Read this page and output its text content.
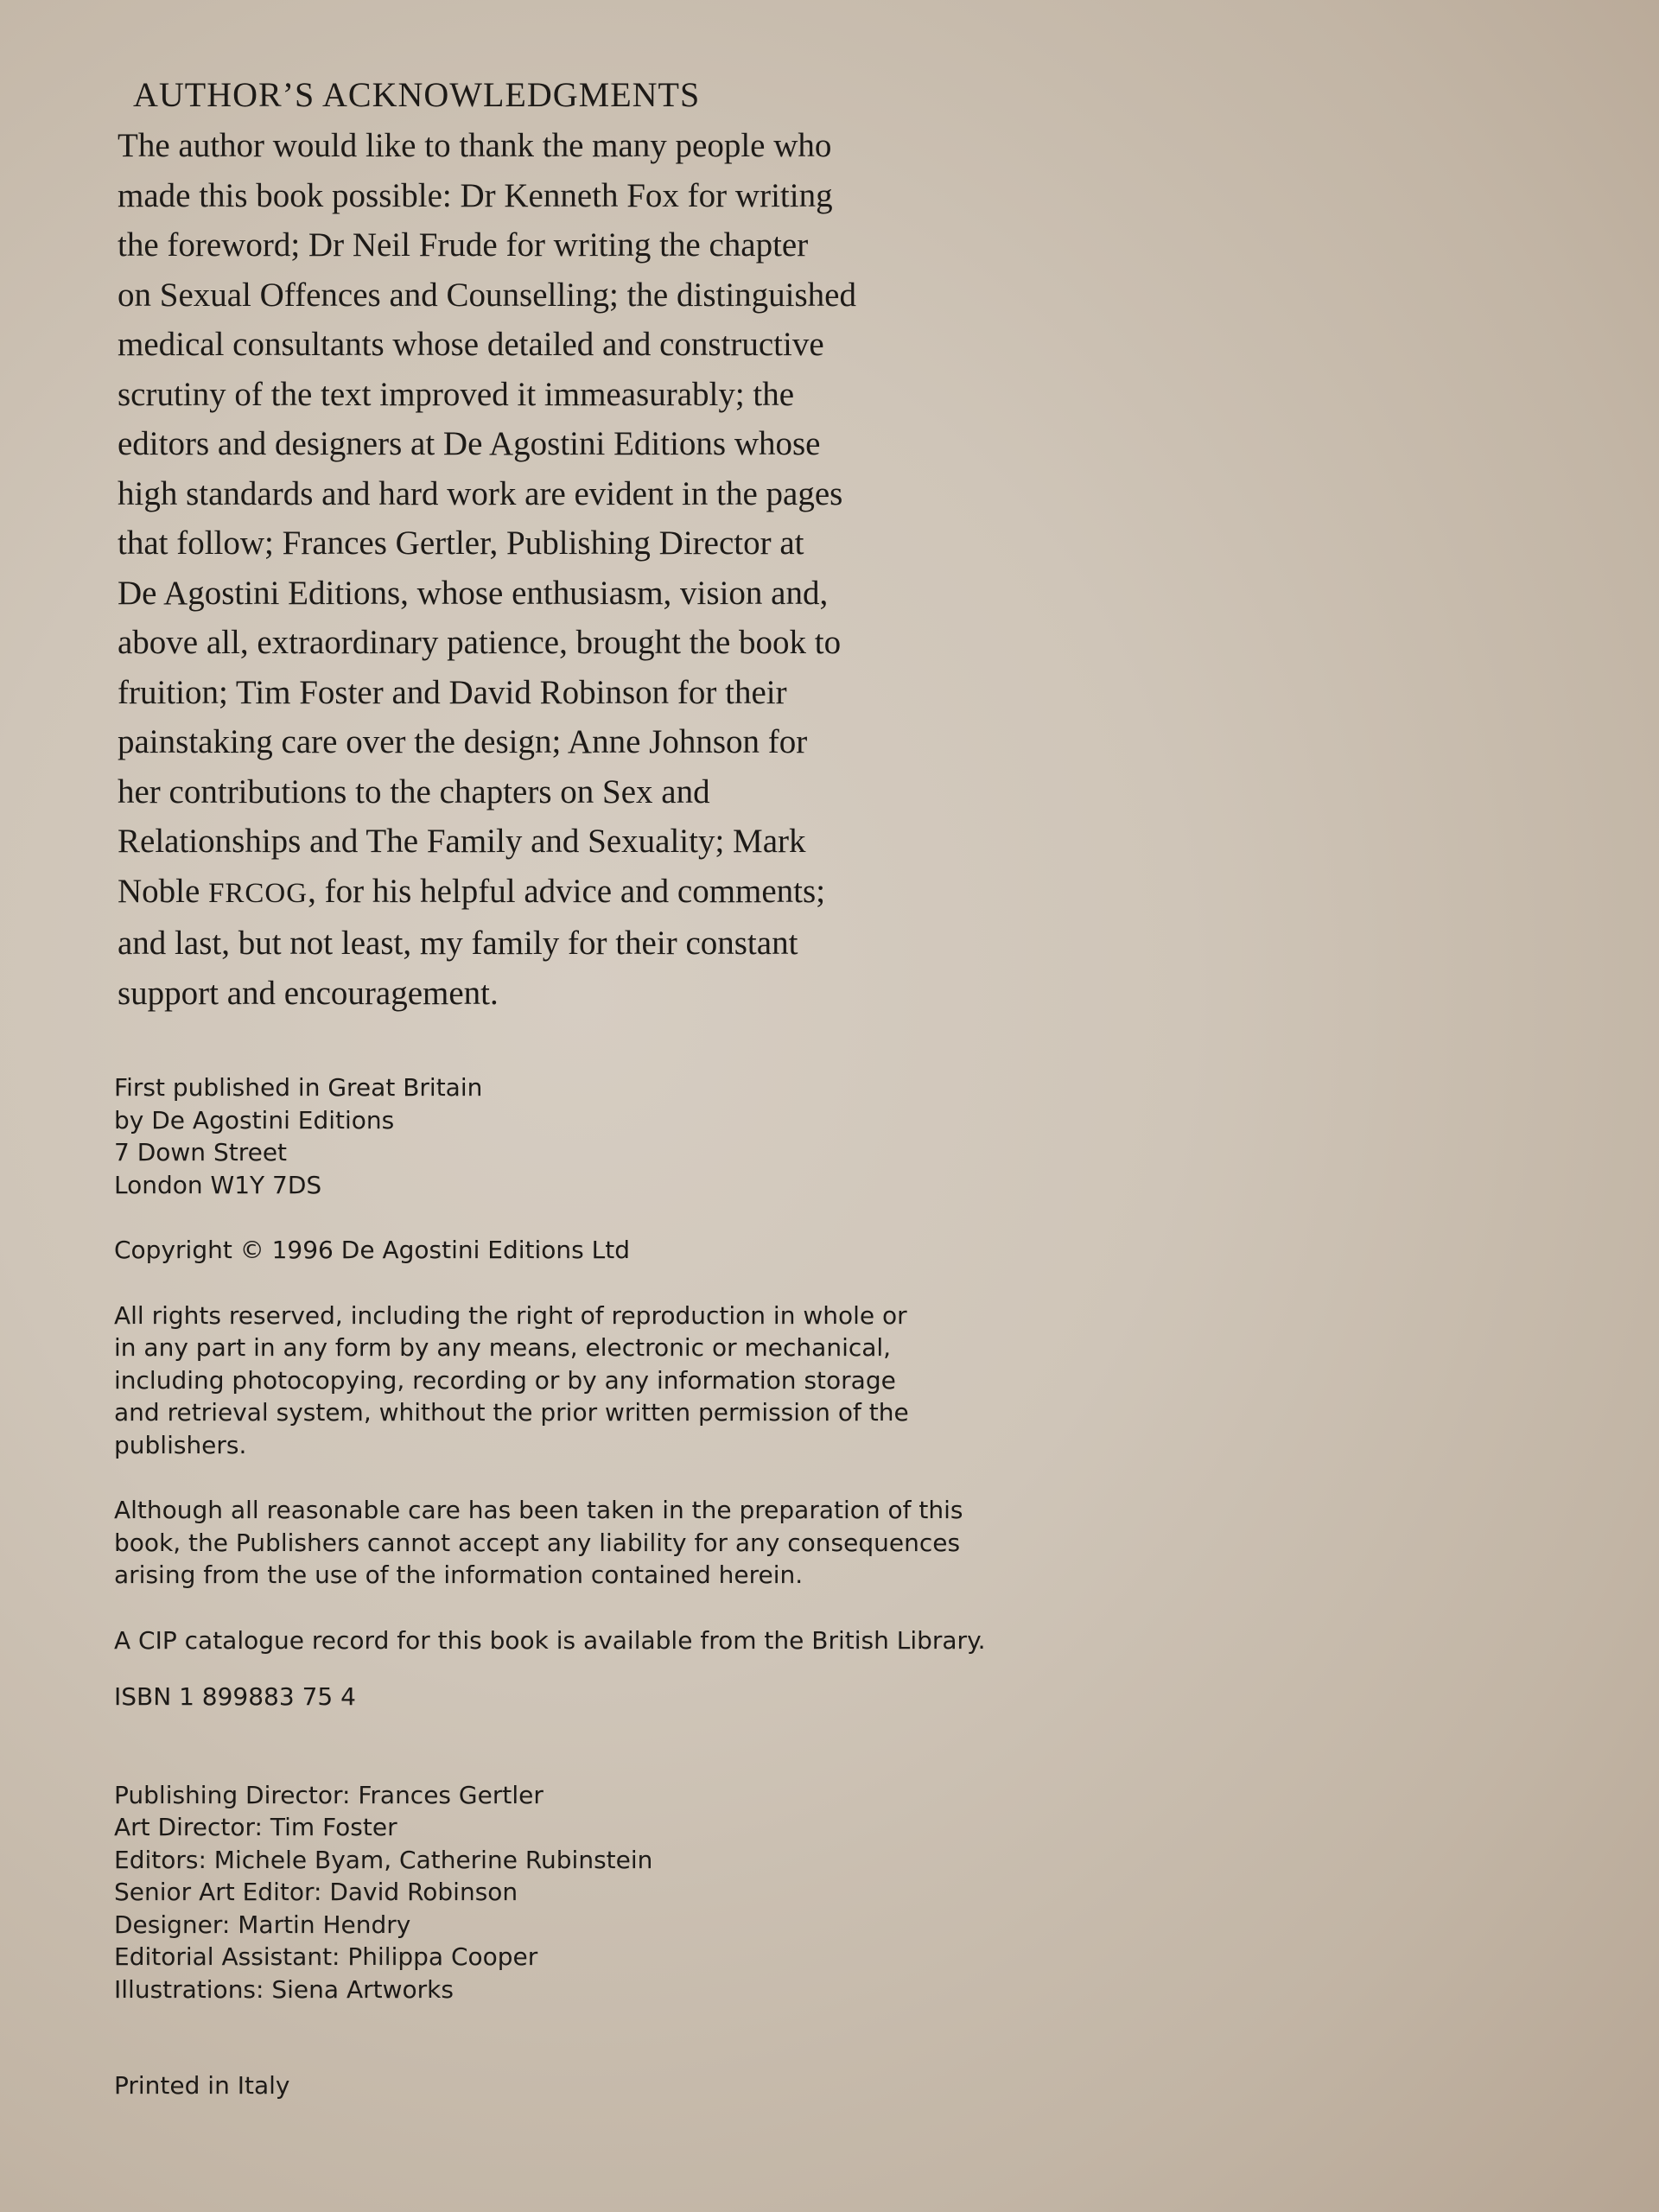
AUTHOR’S ACKNOWLEDGMENTS
The author would like to thank the many people who
made this book possible: Dr Kenneth Fox for writing
the foreword; Dr Neil Frude for writing the chapter
on Sexual Offences and Counselling; the distinguished
medical consultants whose detailed and constructive
scrutiny of the text improved it immeasurably; the
editors and designers at De Agostini Editions whose
high standards and hard work are evident in the pages
that follow; Frances Gertler, Publishing Director at
De Agostini Editions, whose enthusiasm, vision and,
above all, extraordinary patience, brought the book to
fruition; Tim Foster and David Robinson for their
painstaking care over the design; Anne Johnson for
her contributions to the chapters on Sex and
Relationships and The Family and Sexuality; Mark
Noble FRCOG, for his helpful advice and comments;
and last, but not least, my family for their constant
support and encouragement.
First published in Great Britain
by De Agostini Editions
7 Down Street
London W1Y 7DS
Copyright © 1996 De Agostini Editions Ltd
All rights reserved, including the right of reproduction in whole or
in any part in any form by any means, electronic or mechanical,
including photocopying, recording or by any information storage
and retrieval system, whithout the prior written permission of the
publishers.
Although all reasonable care has been taken in the preparation of this
book, the Publishers cannot accept any liability for any consequences
arising from the use of the information contained herein.
A CIP catalogue record for this book is available from the British Library.
ISBN 1 899883 75 4
Publishing Director: Frances Gertler
Art Director: Tim Foster
Editors: Michele Byam, Catherine Rubinstein
Senior Art Editor: David Robinson
Designer: Martin Hendry
Editorial Assistant: Philippa Cooper
Illustrations: Siena Artworks
Printed in Italy
